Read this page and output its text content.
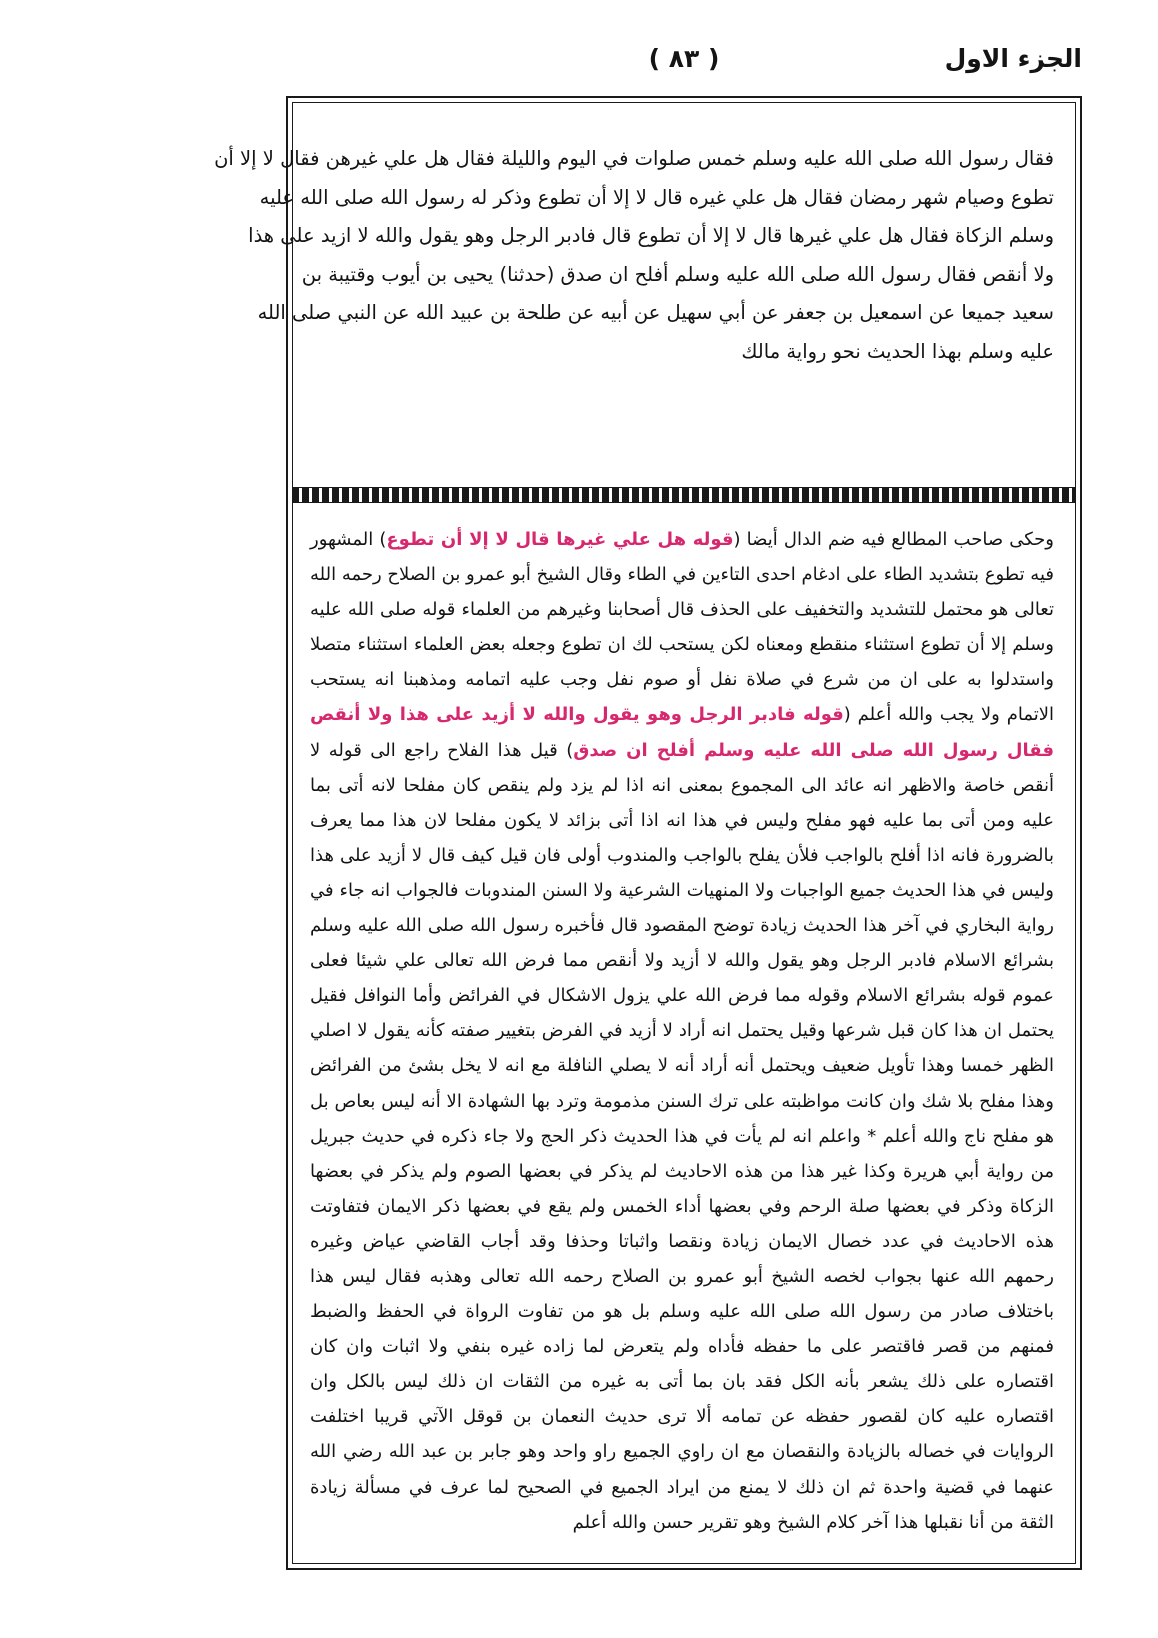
الجزء الاول
( ٨٣ )
فقال رسول الله صلى الله عليه وسلم خمس صلوات في اليوم والليلة فقال هل علي غيرهن فقال لا إلا أن
تطوع وصيام شهر رمضان فقال هل علي غيره قال لا إلا أن تطوع وذكر له رسول الله صلى الله عليه
وسلم الزكاة فقال هل علي غيرها قال لا إلا أن تطوع قال فادبر الرجل وهو يقول والله لا ازيد على هذا
ولا أنقص فقال رسول الله صلى الله عليه وسلم أفلح ان صدق (حدثنا) يحيى بن أيوب وقتيبة بن
سعيد جميعا عن اسمعيل بن جعفر عن أبي سهيل عن أبيه عن طلحة بن عبيد الله عن النبي صلى الله
عليه وسلم بهذا الحديث نحو رواية مالك
وحكى صاحب المطالع فيه ضم الدال أيضا (قوله هل علي غيرها قال لا إلا أن تطوع) المشهور فيه تطوع بتشديد الطاء على ادغام احدى التاءين في الطاء وقال الشيخ أبو عمرو بن الصلاح رحمه الله تعالى هو محتمل للتشديد والتخفيف على الحذف قال أصحابنا وغيرهم من العلماء قوله صلى الله عليه وسلم إلا أن تطوع استثناء منقطع ومعناه لكن يستحب لك ان تطوع وجعله بعض العلماء استثناء متصلا واستدلوا به على ان من شرع في صلاة نفل أو صوم نفل وجب عليه اتمامه ومذهبنا انه يستحب الاتمام ولا يجب والله أعلم (قوله فادبر الرجل وهو يقول والله لا أزيد على هذا ولا أنقص فقال رسول الله صلى الله عليه وسلم أفلح ان صدق) قيل هذا الفلاح راجع الى قوله لا أنقص خاصة والاظهر انه عائد الى المجموع بمعنى انه اذا لم يزد ولم ينقص كان مفلحا لانه أتى بما عليه ومن أتى بما عليه فهو مفلح وليس في هذا انه اذا أتى بزائد لا يكون مفلحا لان هذا مما يعرف بالضرورة فانه اذا أفلح بالواجب فلأن يفلح بالواجب والمندوب أولى فان قيل كيف قال لا أزيد على هذا وليس في هذا الحديث جميع الواجبات ولا المنهيات الشرعية ولا السنن المندوبات فالجواب انه جاء في رواية البخاري في آخر هذا الحديث زيادة توضح المقصود قال فأخبره رسول الله صلى الله عليه وسلم بشرائع الاسلام فادبر الرجل وهو يقول والله لا أزيد ولا أنقص مما فرض الله تعالى علي شيئا فعلى عموم قوله بشرائع الاسلام وقوله مما فرض الله علي يزول الاشكال في الفرائض وأما النوافل فقيل يحتمل ان هذا كان قبل شرعها وقيل يحتمل انه أراد لا أزيد في الفرض بتغيير صفته كأنه يقول لا اصلي الظهر خمسا وهذا تأويل ضعيف ويحتمل أنه أراد أنه لا يصلي النافلة مع انه لا يخل بشئ من الفرائض وهذا مفلح بلا شك وان كانت مواظبته على ترك السنن مذمومة وترد بها الشهادة الا أنه ليس بعاص بل هو مفلح ناج والله أعلم * واعلم انه لم يأت في هذا الحديث ذكر الحج ولا جاء ذكره في حديث جبريل من رواية أبي هريرة وكذا غير هذا من هذه الاحاديث لم يذكر في بعضها الصوم ولم يذكر في بعضها الزكاة وذكر في بعضها صلة الرحم وفي بعضها أداء الخمس ولم يقع في بعضها ذكر الايمان فتفاوتت هذه الاحاديث في عدد خصال الايمان زيادة ونقصا واثباتا وحذفا وقد أجاب القاضي عياض وغيره رحمهم الله عنها بجواب لخصه الشيخ أبو عمرو بن الصلاح رحمه الله تعالى وهذبه فقال ليس هذا باختلاف صادر من رسول الله صلى الله عليه وسلم بل هو من تفاوت الرواة في الحفظ والضبط فمنهم من قصر فاقتصر على ما حفظه فأداه ولم يتعرض لما زاده غيره بنفي ولا اثبات وان كان اقتصاره على ذلك يشعر بأنه الكل فقد بان بما أتى به غيره من الثقات ان ذلك ليس بالكل وان اقتصاره عليه كان لقصور حفظه عن تمامه ألا ترى حديث النعمان بن قوقل الآتي قريبا اختلفت الروايات في خصاله بالزيادة والنقصان مع ان راوي الجميع راو واحد وهو جابر بن عبد الله رضي الله عنهما في قضية واحدة ثم ان ذلك لا يمنع من ايراد الجميع في الصحيح لما عرف في مسألة زيادة الثقة من أنا نقبلها هذا آخر كلام الشيخ وهو تقرير حسن والله أعلم
